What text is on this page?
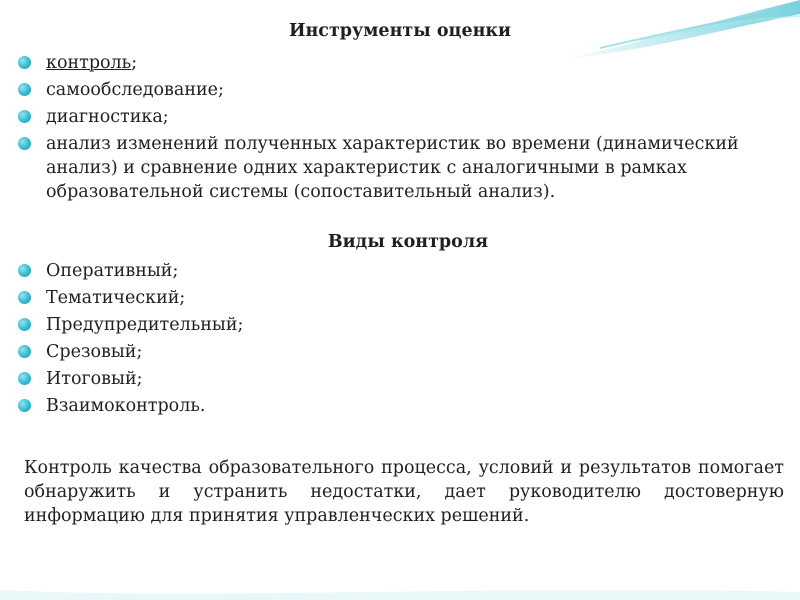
Инструменты оценки
контроль;
самообследование;
диагностика;
анализ изменений полученных характеристик во времени (динамический анализ) и сравнение одних характеристик с аналогичными в рамках образовательной системы (сопоставительный анализ).
Виды контроля
Оперативный;
Тематический;
Предупредительный;
Срезовый;
Итоговый;
Взаимоконтроль.

Контроль качества образовательного процесса, условий и результатов помогает обнаружить и устранить недостатки, дает руководителю достоверную информацию для принятия управленческих решений.
